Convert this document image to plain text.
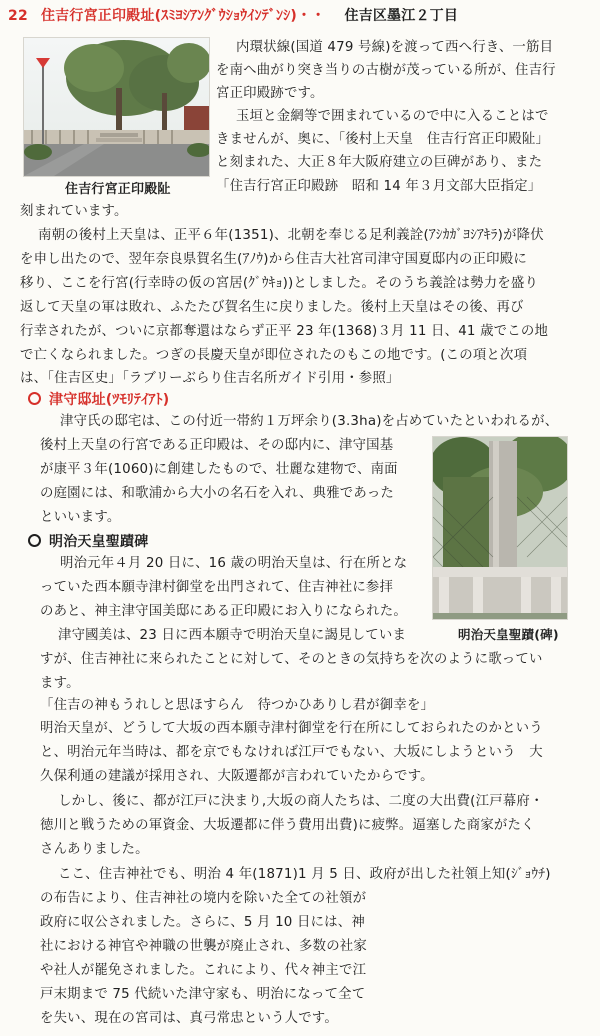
22 住吉行宮正印殿址(ｽﾐﾖｼｱﾝｸﾞｳｼｮｳｲﾝﾃﾞﾝｼ)・・ 住吉区墨江２丁目
住吉行宮正印殿阯
内環状線(国道 479 号線)を渡って西へ行き、一筋目
を南へ曲がり突き当りの古樹が茂っている所が、住吉行
宮正印殿跡です。
玉垣と金網等で囲まれているので中に入ることはで
きませんが、奥に、「後村上天皇　住吉行宮正印殿阯」
と刻まれた、大正８年大阪府建立の巨碑があり、また
「住吉行宮正印殿跡　昭和 14 年３月文部大臣指定」
刻まれています。
南朝の後村上天皇は、正平６年(1351)、北朝を奉じる足利義詮(ｱｼｶｶﾞﾖｼｱｷﾗ)が降伏
を申し出たので、翌年奈良県賀名生(ｱﾉｳ)から住吉大社宮司津守国夏邸内の正印殿に
移り、ここを行宮(行幸時の仮の宮居(ｸﾞｳｷｮ))としました。そのうち義詮は勢力を盛り
返して天皇の軍は敗れ、ふたたび賀名生に戻りました。後村上天皇はその後、再び
行幸されたが、ついに京都奪還はならず正平 23 年(1368)３月 11 日、41 歳でこの地
で亡くなられました。つぎの長慶天皇が即位されたのもこの地です。(この項と次項
は、「住吉区史」「ラブリーぶらり住吉名所ガイド引用・参照」
津守邸址(ﾂﾓﾘﾃｲｱﾄ)
津守氏の邸宅は、この付近一帯約１万坪余り(3.3ha)を占めていたといわれるが、
後村上天皇の行宮である正印殿は、その邸内に、津守国基
が康平３年(1060)に創建したもので、壮麗な建物で、南面
の庭園には、和歌浦から大小の名石を入れ、典雅であった
といいます。
明治天皇聖蹟(碑)
明治天皇聖蹟碑
明治元年４月 20 日に、16 歳の明治天皇は、行在所とな
っていた西本願寺津村御堂を出門されて、住吉神社に参拝
のあと、神主津守国美邸にある正印殿にお入りになられた。
津守國美は、23 日に西本願寺で明治天皇に謁見していま
すが、住吉神社に来られたことに対して、そのときの気持ちを次のように歌ってい
ます。
「住吉の神もうれしと思ほすらん　待つかひありし君が御幸を」
明治天皇が、どうして大坂の西本願寺津村御堂を行在所にしておられたのかという
と、明治元年当時は、都を京でもなければ江戸でもない、大坂にしようという　大
久保利通の建議が採用され、大阪遷都が言われていたからです。
しかし、後に、都が江戸に決まり,大坂の商人たちは、二度の大出費(江戸幕府・
徳川と戦うための軍資金、大坂遷都に伴う費用出費)に疲弊。逼塞した商家がたく
さんありました。
ここ、住吉神社でも、明治 4 年(1871)1 月 5 日、政府が出した社領上知(ｼﾞｮｳﾁ)
の布告により、住吉神社の境内を除いた全ての社領が
政府に収公されました。さらに、5 月 10 日には、神
社における神官や神職の世襲が廃止され、多数の社家
や社人が罷免されました。これにより、代々神主で江
戸末期まで 75 代続いた津守家も、明治になって全て
を失い、現在の宮司は、真弓常忠という人です。
